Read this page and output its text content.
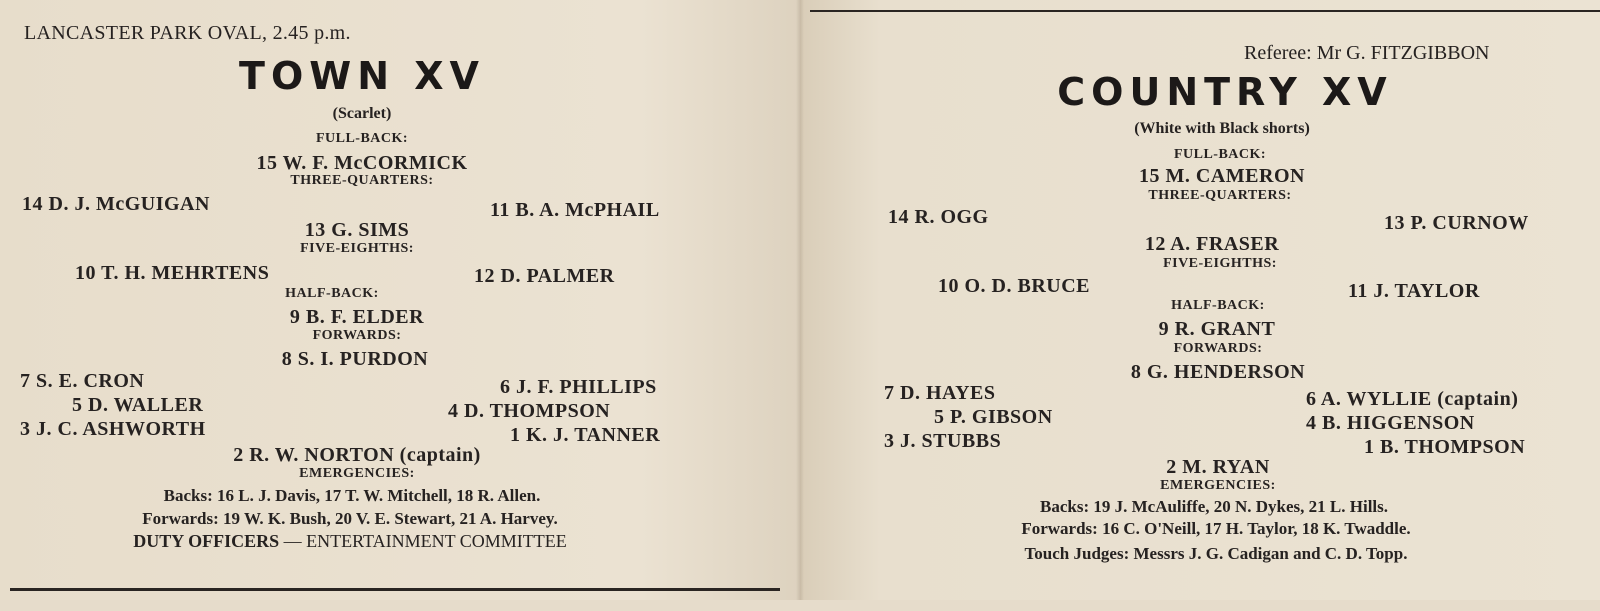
LANCASTER PARK OVAL, 2.45 p.m.
TOWN XV
(Scarlet)
FULL-BACK:
15 W. F. McCORMICK
THREE-QUARTERS:
14 D. J. McGUIGAN	11 B. A. McPHAIL
13 G. SIMS
FIVE-EIGHTHS:
10 T. H. MEHRTENS	12 D. PALMER
HALF-BACK:
9 B. F. ELDER
FORWARDS:
8 S. I. PURDON
7 S. E. CRON	6 J. F. PHILLIPS
5 D. WALLER	4 D. THOMPSON
3 J. C. ASHWORTH	1 K. J. TANNER
2 R. W. NORTON (captain)
EMERGENCIES:
Backs: 16 L. J. Davis, 17 T. W. Mitchell, 18 R. Allen.
Forwards: 19 W. K. Bush, 20 V. E. Stewart, 21 A. Harvey.
DUTY OFFICERS — ENTERTAINMENT COMMITTEE
Referee: Mr G. FITZGIBBON
COUNTRY XV
(White with Black shorts)
FULL-BACK:
15 M. CAMERON
THREE-QUARTERS:
14 R. OGG	13 P. CURNOW
12 A. FRASER
FIVE-EIGHTHS:
10 O. D. BRUCE	11 J. TAYLOR
HALF-BACK:
9 R. GRANT
FORWARDS:
8 G. HENDERSON
7 D. HAYES	6 A. WYLLIE (captain)
5 P. GIBSON	4 B. HIGGENSON
3 J. STUBBS	1 B. THOMPSON
2 M. RYAN
EMERGENCIES:
Backs: 19 J. McAuliffe, 20 N. Dykes, 21 L. Hills.
Forwards: 16 C. O'Neill, 17 H. Taylor, 18 K. Twaddle.
Touch Judges: Messrs J. G. Cadigan and C. D. Topp.
